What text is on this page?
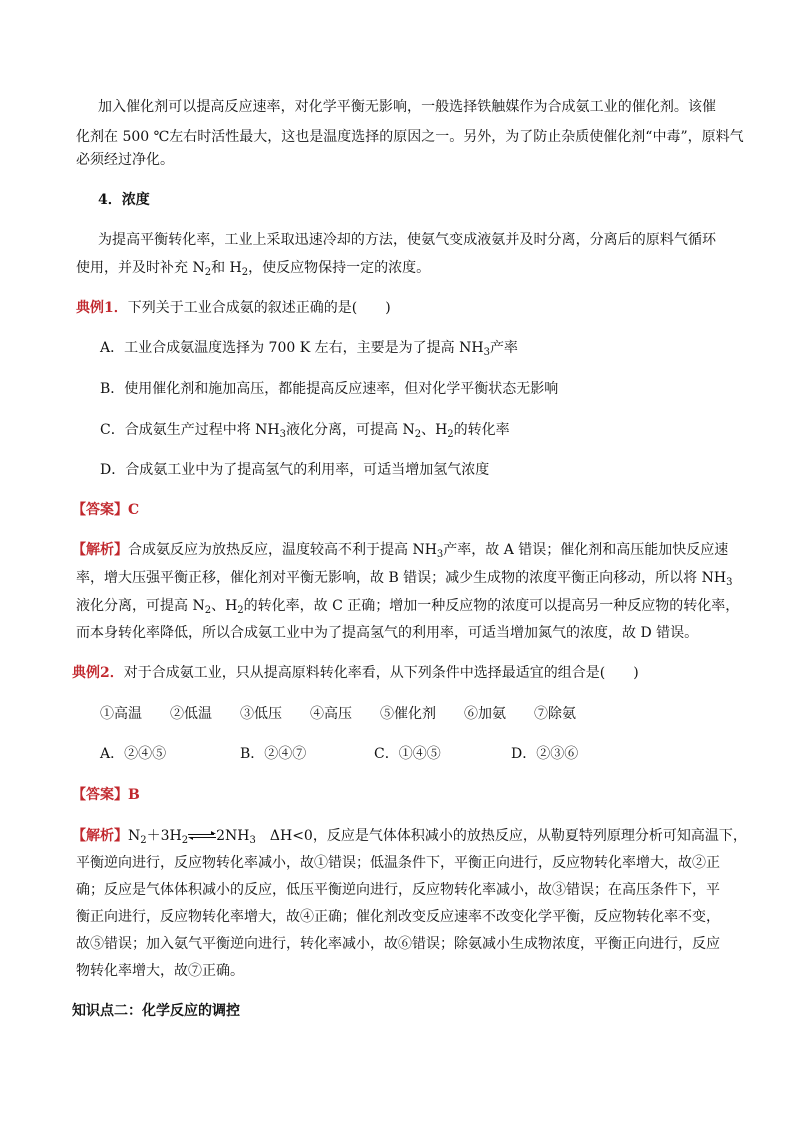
加入催化剂可以提高反应速率，对化学平衡无影响，一般选择铁触媒作为合成氨工业的催化剂。该催
化剂在 500 ℃左右时活性最大，这也是温度选择的原因之一。另外，为了防止杂质使催化剂“中毒”，原料气
必须经过净化。
4．浓度
为提高平衡转化率，工业上采取迅速冷却的方法，使氨气变成液氨并及时分离，分离后的原料气循环
使用，并及时补充 $N_2$和 $H_2$，使反应物保持一定的浓度。
典例1．下列关于工业合成氨的叙述正确的是(　　)
A．工业合成氨温度选择为 700 K 左右，主要是为了提高 $NH_3$产率
B．使用催化剂和施加高压，都能提高反应速率，但对化学平衡状态无影响
C．合成氨生产过程中将 $NH_3$液化分离，可提高 $N_2$、$H_2$的转化率
D．合成氨工业中为了提高氢气的利用率，可适当增加氢气浓度
【答案】C
【解析】合成氨反应为放热反应，温度较高不利于提高 $NH_3$产率，故 A 错误；催化剂和高压能加快反应速
率，增大压强平衡正移，催化剂对平衡无影响，故 B 错误；减少生成物的浓度平衡正向移动，所以将 $NH_3$
液化分离，可提高 $N_2$、$H_2$的转化率，故 C 正确；增加一种反应物的浓度可以提高另一种反应物的转化率，
而本身转化率降低，所以合成氨工业中为了提高氢气的利用率，可适当增加氮气的浓度，故 D 错误。
典例2．对于合成氨工业，只从提高原料转化率看，从下列条件中选择最适宜的组合是(　　)
①高温 ②低温 ③低压 ④高压 ⑤催化剂 ⑥加氨 ⑦除氨
A．②④⑤	B．②④⑦	C．①④⑤	D．②③⑥
【答案】B
【解析】$N_2+3H_2$ $2NH_3$　ΔH<0，反应是气体体积减小的放热反应，从勒夏特列原理分析可知高温下，
平衡逆向进行，反应物转化率减小，故①错误；低温条件下，平衡正向进行，反应物转化率增大，故②正
确；反应是气体体积减小的反应，低压平衡逆向进行，反应物转化率减小，故③错误；在高压条件下，平
衡正向进行，反应物转化率增大，故④正确；催化剂改变反应速率不改变化学平衡，反应物转化率不变，
故⑤错误；加入氨气平衡逆向进行，转化率减小，故⑥错误；除氨减小生成物浓度，平衡正向进行，反应
物转化率增大，故⑦正确。
知识点二：化学反应的调控
